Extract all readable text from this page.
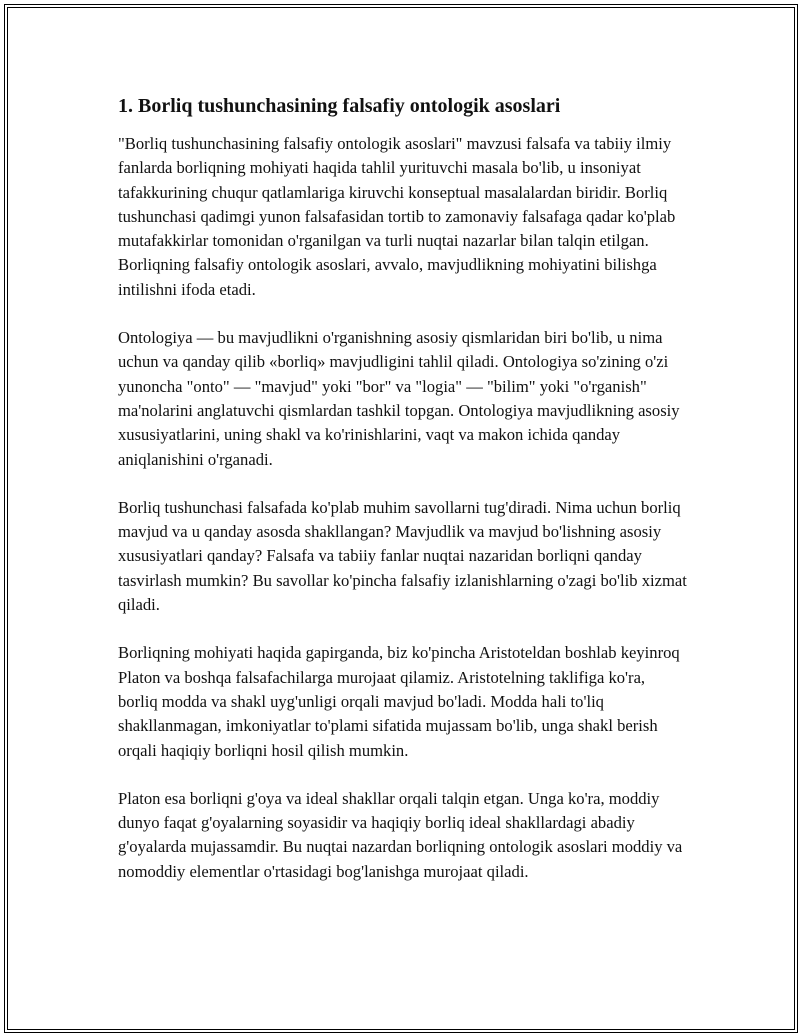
1. Borliq tushunchasining falsafiy ontologik asoslari

"Borliq tushunchasining falsafiy ontologik asoslari" mavzusi falsafa va tabiiy ilmiy fanlarda borliqning mohiyati haqida tahlil yurituvchi masala bo'lib, u insoniyat tafakkurining chuqur qatlamlariga kiruvchi konseptual masalalardan biridir. Borliq tushunchasi qadimgi yunon falsafasidan tortib to zamonaviy falsafaga qadar ko'plab mutafakkirlar tomonidan o'rganilgan va turli nuqtai nazarlar bilan talqin etilgan. Borliqning falsafiy ontologik asoslari, avvalo, mavjudlikning mohiyatini bilishga intilishni ifoda etadi.

Ontologiya — bu mavjudlikni o'rganishning asosiy qismlaridan biri bo'lib, u nima uchun va qanday qilib «borliq» mavjudligini tahlil qiladi. Ontologiya so'zining o'zi yunoncha "onto" — "mavjud" yoki "bor" va "logia" — "bilim" yoki "o'rganish" ma'nolarini anglatuvchi qismlardan tashkil topgan. Ontologiya mavjudlikning asosiy xususiyatlarini, uning shakl va ko'rinishlarini, vaqt va makon ichida qanday aniqlanishini o'rganadi.

Borliq tushunchasi falsafada ko'plab muhim savollarni tug'diradi. Nima uchun borliq mavjud va u qanday asosda shakllangan? Mavjudlik va mavjud bo'lishning asosiy xususiyatlari qanday? Falsafa va tabiiy fanlar nuqtai nazaridan borliqni qanday tasvirlash mumkin? Bu savollar ko'pincha falsafiy izlanishlarning o'zagi bo'lib xizmat qiladi.

Borliqning mohiyati haqida gapirganda, biz ko'pincha Aristoteldan boshlab keyinroq Platon va boshqa falsafachilarga murojaat qilamiz. Aristotelning taklifiga ko'ra, borliq modda va shakl uyg'unligi orqali mavjud bo'ladi. Modda hali to'liq shakllanmagan, imkoniyatlar to'plami sifatida mujassam bo'lib, unga shakl berish orqali haqiqiy borliqni hosil qilish mumkin.

Platon esa borliqni g'oya va ideal shakllar orqali talqin etgan. Unga ko'ra, moddiy dunyo faqat g'oyalarning soyasidir va haqiqiy borliq ideal shakllardagi abadiy g'oyalarda mujassamdir. Bu nuqtai nazardan borliqning ontologik asoslari moddiy va nomoddiy elementlar o'rtasidagi bog'lanishga murojaat qiladi.
